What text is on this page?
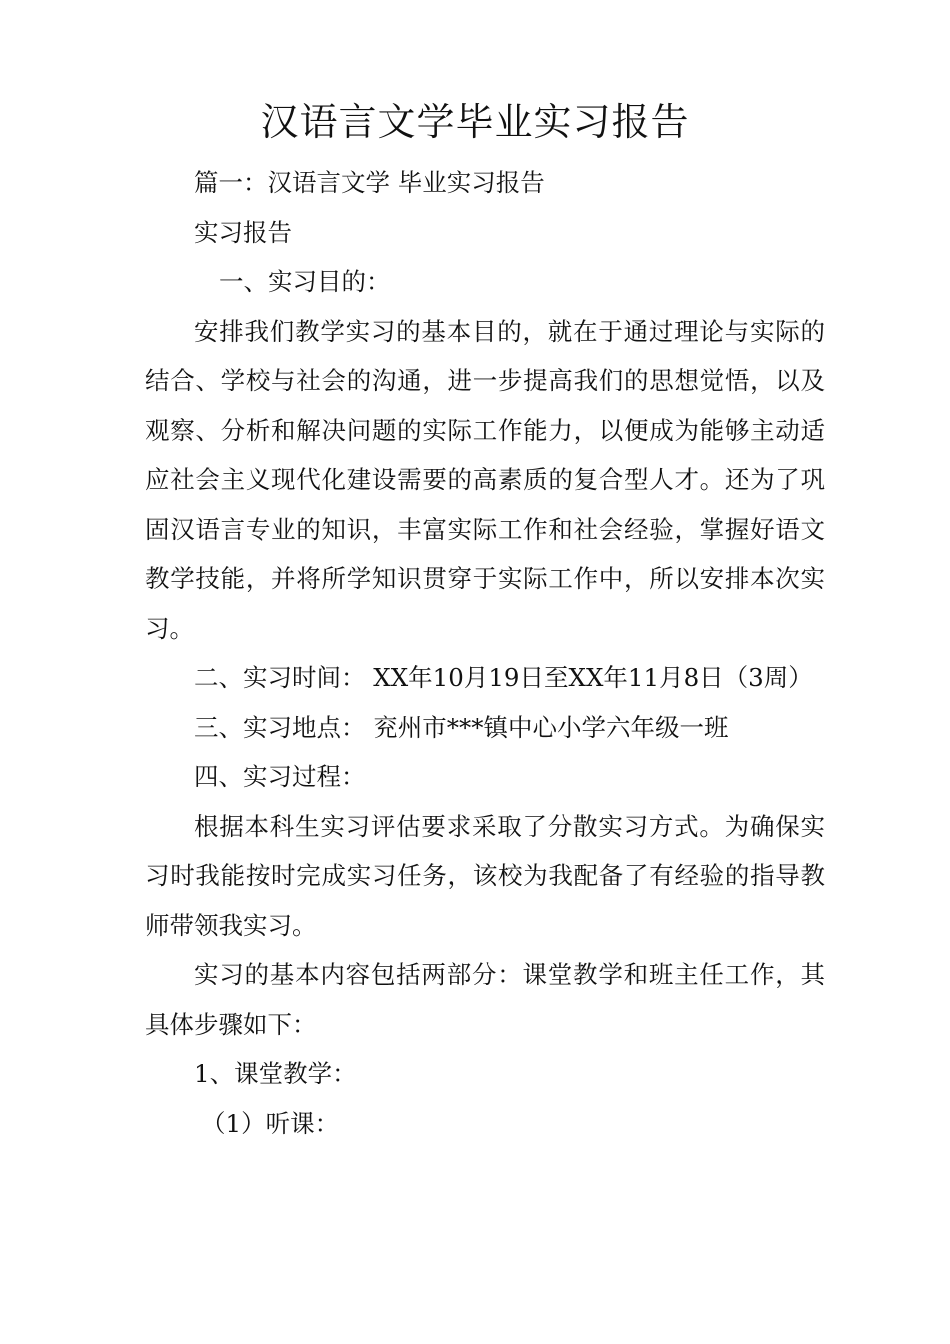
汉语言文学毕业实习报告

篇一：汉语言文学 毕业实习报告

实习报告

一、实习目的：

安排我们教学实习的基本目的，就在于通过理论与实际的结合、学校与社会的沟通，进一步提高我们的思想觉悟，以及观察、分析和解决问题的实际工作能力，以便成为能够主动适应社会主义现代化建设需要的高素质的复合型人才。还为了巩固汉语言专业的知识，丰富实际工作和社会经验，掌握好语文教学技能，并将所学知识贯穿于实际工作中，所以安排本次实习。

二、实习时间： XX年10月19日至XX年11月8日（3周）

三、实习地点： 兖州市***镇中心小学六年级一班

四、实习过程：

根据本科生实习评估要求采取了分散实习方式。为确保实习时我能按时完成实习任务，该校为我配备了有经验的指导教师带领我实习。

实习的基本内容包括两部分：课堂教学和班主任工作，其具体步骤如下：

1、课堂教学：

（1）听课：
